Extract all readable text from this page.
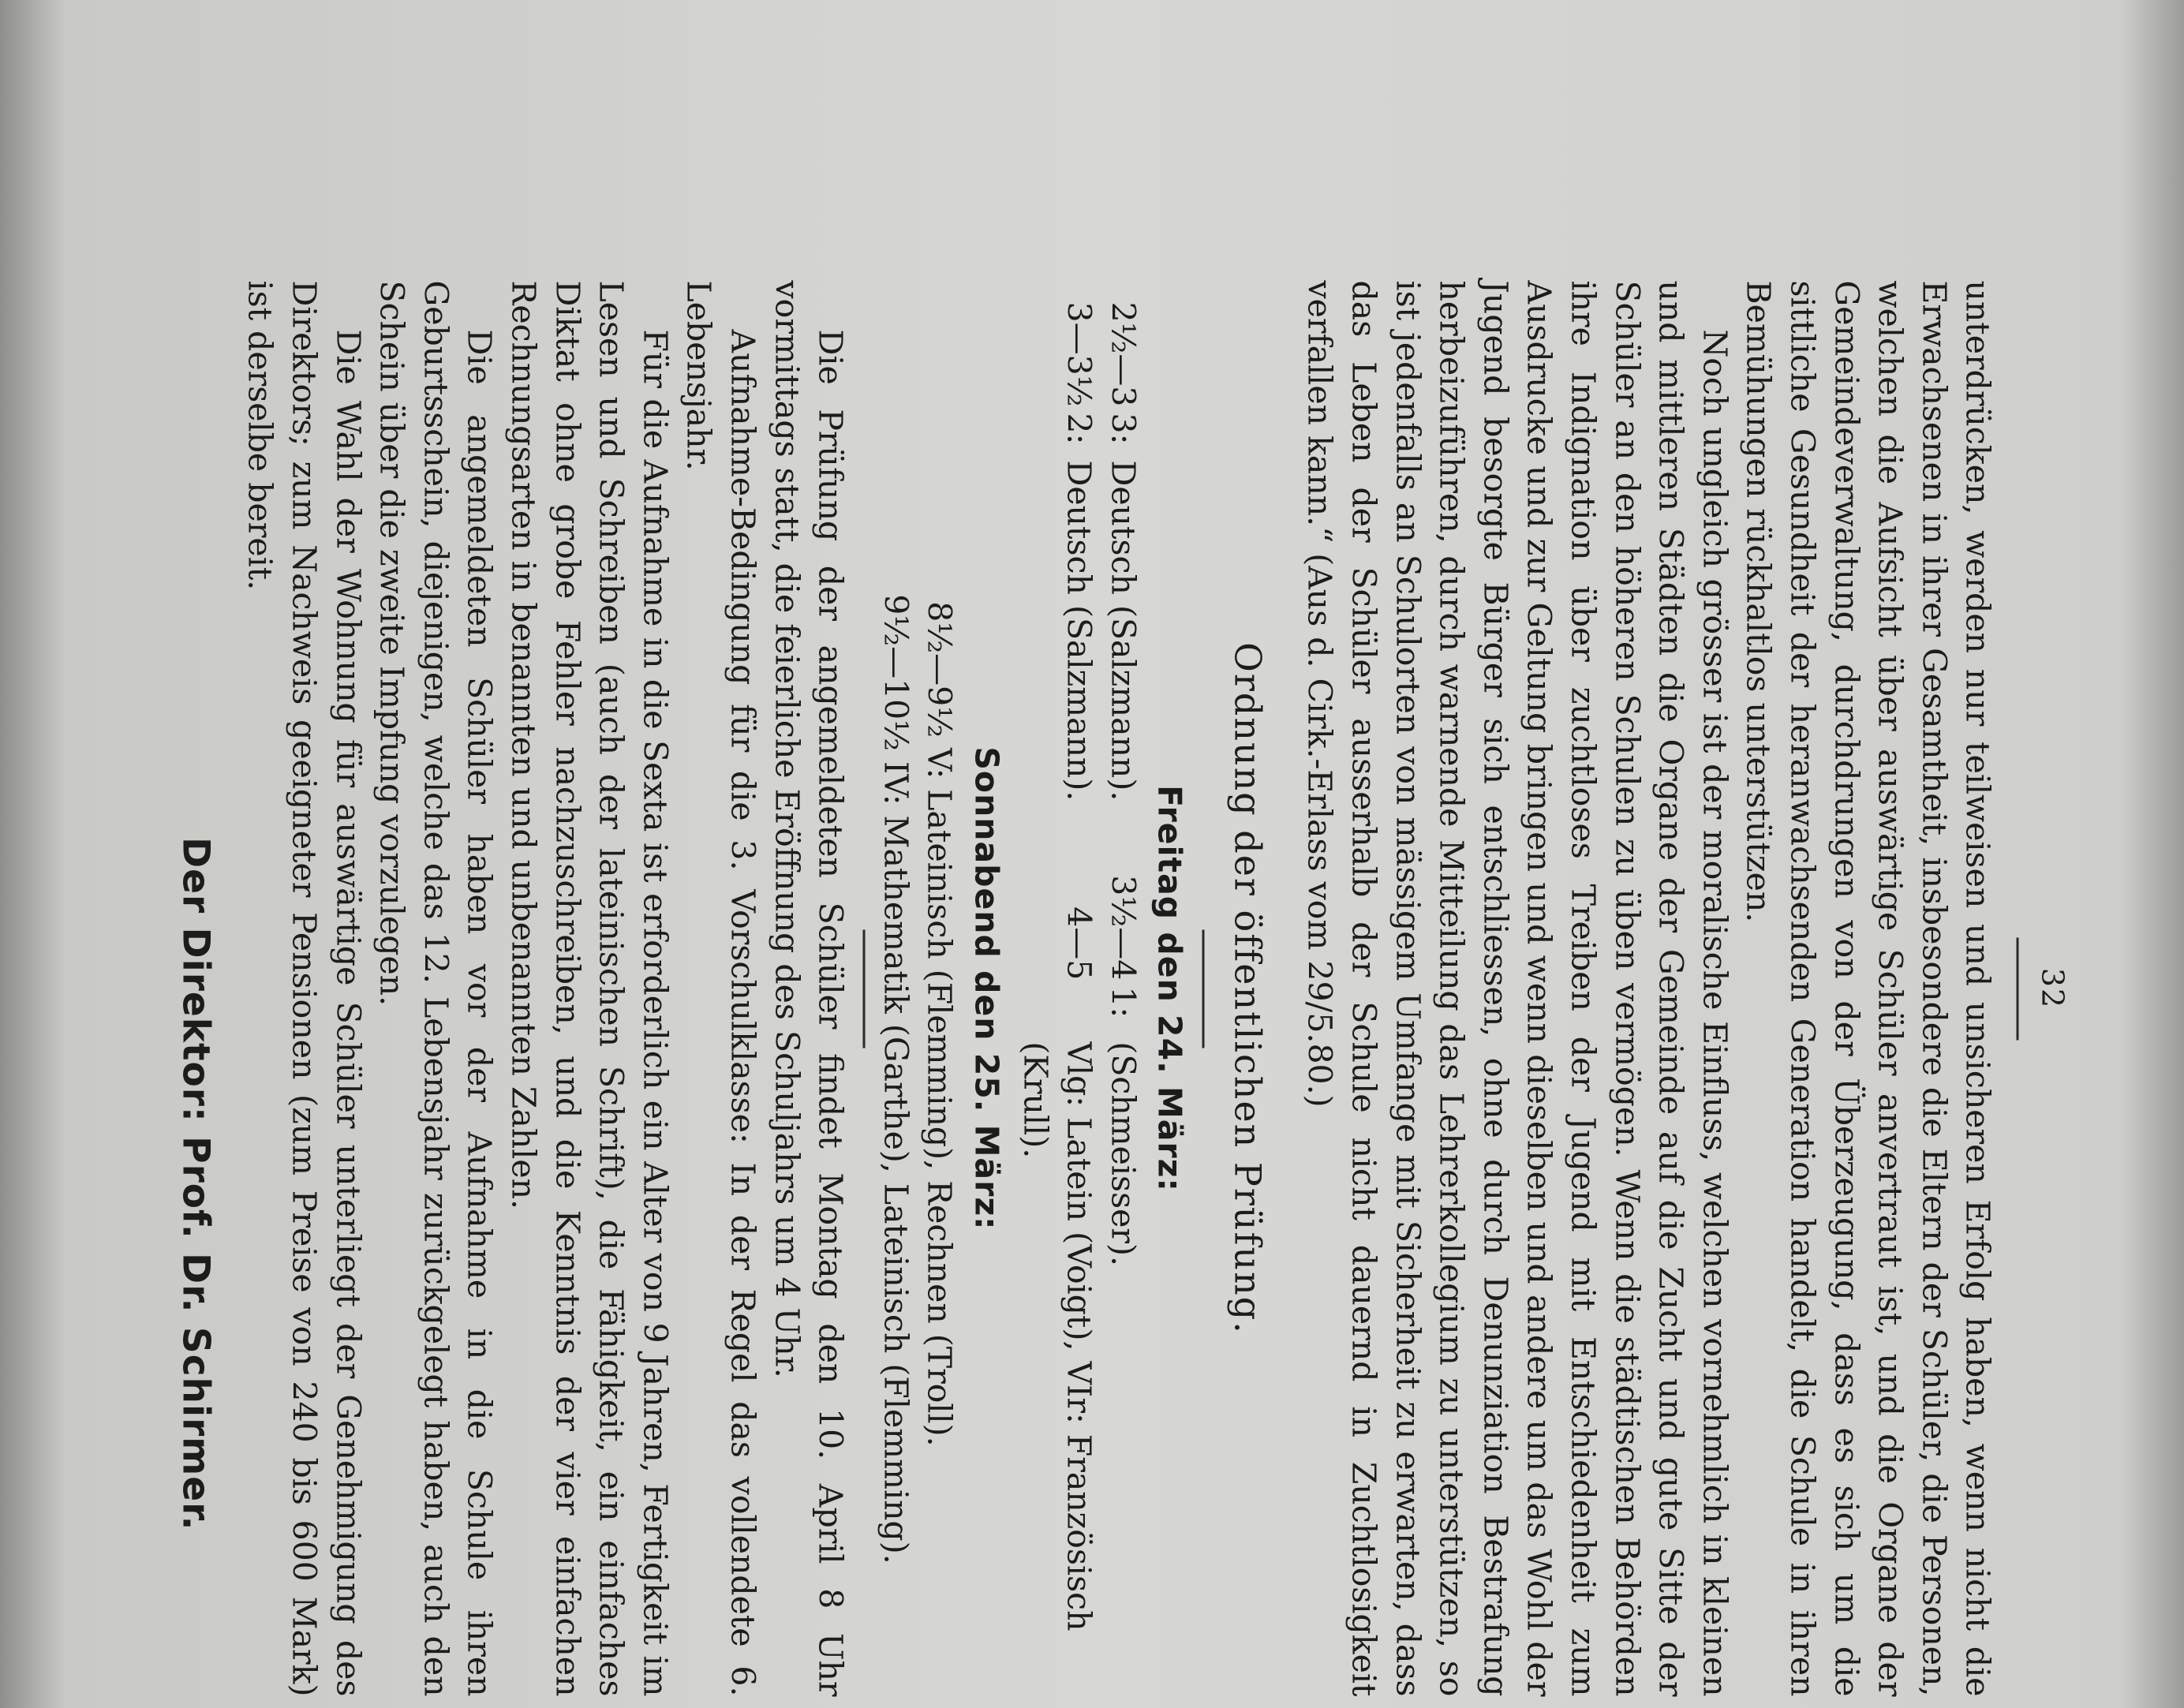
32

unterdrücken, werden nur teilweisen und unsicheren Erfolg haben, wenn nicht die Erwachsenen in ihrer Gesamtheit, insbesondere die Eltern der Schüler, die Personen, welchen die Aufsicht über auswärtige Schüler anvertraut ist, und die Organe der Gemeindeverwaltung, durchdrungen von der Überzeugung, dass es sich um die sittliche Gesundheit der heranwachsenden Generation handelt, die Schule in ihren Bemühungen rückhaltlos unterstützen.

Noch ungleich grösser ist der moralische Einfluss, welchen vornehmlich in kleinen und mittleren Städten die Organe der Gemeinde auf die Zucht und gute Sitte der Schüler an den höheren Schulen zu üben vermögen. Wenn die städtischen Behörden ihre Indignation über zuchtloses Treiben der Jugend mit Entschiedenheit zum Ausdrucke und zur Geltung bringen und wenn dieselben und andere um das Wohl der Jugend besorgte Bürger sich entschliessen, ohne durch Denunziation Bestrafung herbeizuführen, durch warnende Mitteilung das Lehrerkollegium zu unterstützen, so ist jedenfalls an Schulorten von mässigem Umfange mit Sicherheit zu erwarten, dass das Leben der Schüler ausserhalb der Schule nicht dauernd in Zuchtlosigkeit verfallen kann.“ (Aus d. Cirk.-Erlass vom 29/5.80.)

Ordnung der öffentlichen Prüfung.
Freitag den 24. März:
2½—3
3:
Deutsch (Salzmann).
3½—4
1:
(Schmeisser).
3—3½
2:
Deutsch (Salzmann).
4—5
Vlg: Latein (Voigt), VIr: Französisch (Krull).
Sonnabend den 25. März:
8½—9½ V: Lateinisch (Flemming), Rechnen (Troll).
9½—10½ IV: Mathematik (Garthe), Lateinisch (Flemming).

Die Prüfung der angemeldeten Schüler findet Montag den 10. April 8 Uhr vormittags statt, die feierliche Eröffnung des Schuljahrs um 4 Uhr.

Aufnahme-Bedingung für die 3. Vorschulklasse: In der Regel das vollendete 6. Lebensjahr.

Für die Aufnahme in die Sexta ist erforderlich ein Alter von 9 Jahren, Fertigkeit im Lesen und Schreiben (auch der lateinischen Schrift), die Fähigkeit, ein einfaches Diktat ohne grobe Fehler nachzuschreiben, und die Kenntnis der vier einfachen Rechnungsarten in benannten und unbenannten Zahlen.

Die angemeldeten Schüler haben vor der Aufnahme in die Schule ihren Geburtsschein, diejenigen, welche das 12. Lebensjahr zurückgelegt haben, auch den Schein über die zweite Impfung vorzulegen.

Die Wahl der Wohnung für auswärtige Schüler unterliegt der Genehmigung des Direktors; zum Nachweis geeigneter Pensionen (zum Preise von 240 bis 600 Mark) ist derselbe bereit.

Der Direktor: Prof. Dr. Schirmer.
